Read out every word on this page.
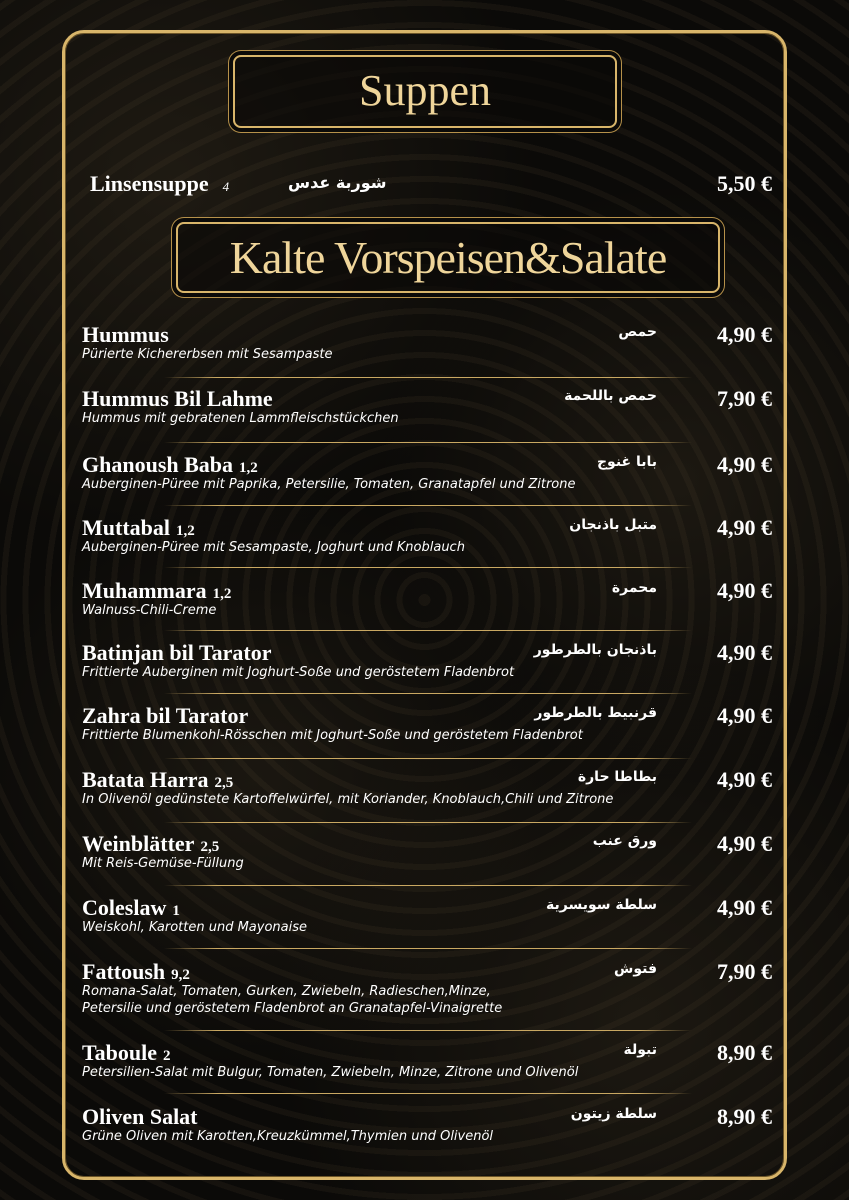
Suppen
Linsensuppe 4	شوربة عدس	5,50 €
Kalte Vorspeisen&Salate
Hummus
Pürierte Kichererbsen mit Sesampaste
حمص	4,90 €
Hummus Bil Lahme
Hummus mit gebratenen Lammfleischstückchen
حمص باللحمة	7,90 €
Ghanoush Baba 1,2
Auberginen-Püree mit Paprika, Petersilie, Tomaten, Granatapfel und Zitrone
بابا غنوج	4,90 €
Muttabal 1,2
Auberginen-Püree mit Sesampaste, Joghurt und Knoblauch
متبل باذنجان	4,90 €
Muhammara 1,2
Walnuss-Chili-Creme
محمرة	4,90 €
Batinjan bil Tarator
Frittierte Auberginen mit Joghurt-Soße und geröstetem Fladenbrot
باذنجان بالطرطور	4,90 €
Zahra bil Tarator
Frittierte Blumenkohl-Rösschen mit Joghurt-Soße und geröstetem Fladenbrot
قرنبيط بالطرطور	4,90 €
Batata Harra 2,5
In Olivenöl gedünstete Kartoffelwürfel, mit Koriander, Knoblauch,Chili und Zitrone
بطاطا حارة	4,90 €
Weinblätter 2,5
Mit Reis-Gemüse-Füllung
ورق عنب	4,90 €
Coleslaw 1
Weiskohl, Karotten und Mayonaise
سلطة سويسرية	4,90 €
Fattoush 9,2
Romana-Salat, Tomaten, Gurken, Zwiebeln, Radieschen,Minze,
Petersilie und geröstetem Fladenbrot an Granatapfel-Vinaigrette
فتوش	7,90 €
Taboule 2
Petersilien-Salat mit Bulgur, Tomaten, Zwiebeln, Minze, Zitrone und Olivenöl
تبولة	8,90 €
Oliven Salat
Grüne Oliven mit Karotten,Kreuzkümmel,Thymien und Olivenöl
سلطة زيتون	8,90 €
